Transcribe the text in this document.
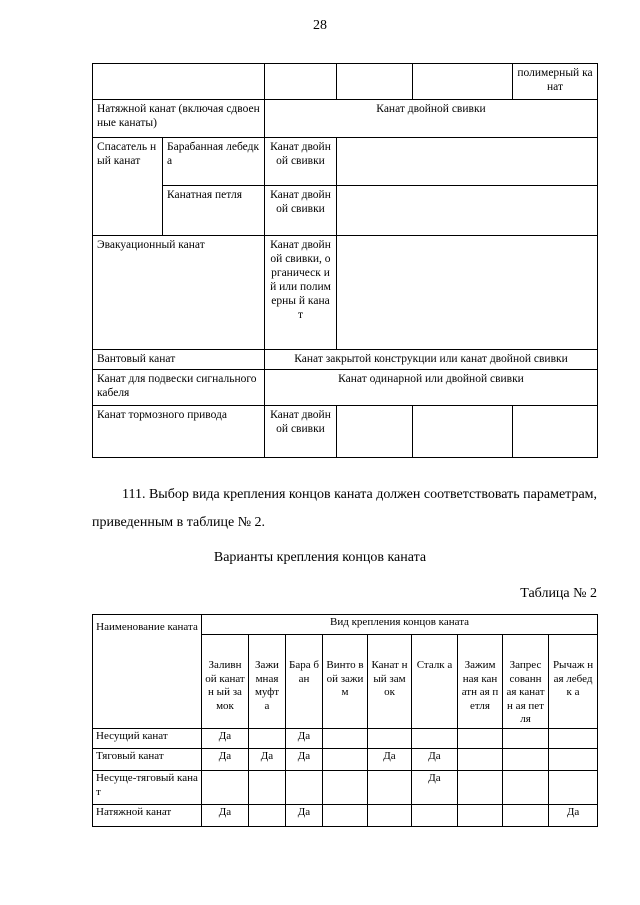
28
					полимерный канат
Натяжной канат (включая сдвоенные канаты)		Канат двойной свивки			
Спасатель ный канат	Барабанная лебедка	Канат двойной свивки			
	Канатная петля	Канат двойной свивки			
Эвакуационный канат		Канат двойной свивки, органическ ий или полимерны й канат			
Вантовый канат		Канат закрытой конструкции или канат двойной свивки			
Канат для подвески сигнального кабеля		Канат одинарной или двойной свивки			
Канат тормозного привода		Канат двойной свивки			
111. Выбор вида крепления концов каната должен соответствовать параметрам, приведенным в таблице № 2.
Варианты крепления концов каната
Таблица № 2
Наименование каната	Вид крепления концов каната								
	Заливн ой канатн ый замок	Зажи мная муфт а	Бара бан	Винто вой зажим	Канат ный замок	Сталк а	Зажим ная канатн ая петля	Запрес сованн ая канатн ая петля	Рычаж ная лебедк а
Несущий канат	Да		Да						
Тяговый канат	Да	Да	Да		Да	Да			
Несуще-тяговый канат						Да			
Натяжной канат	Да		Да						Да
